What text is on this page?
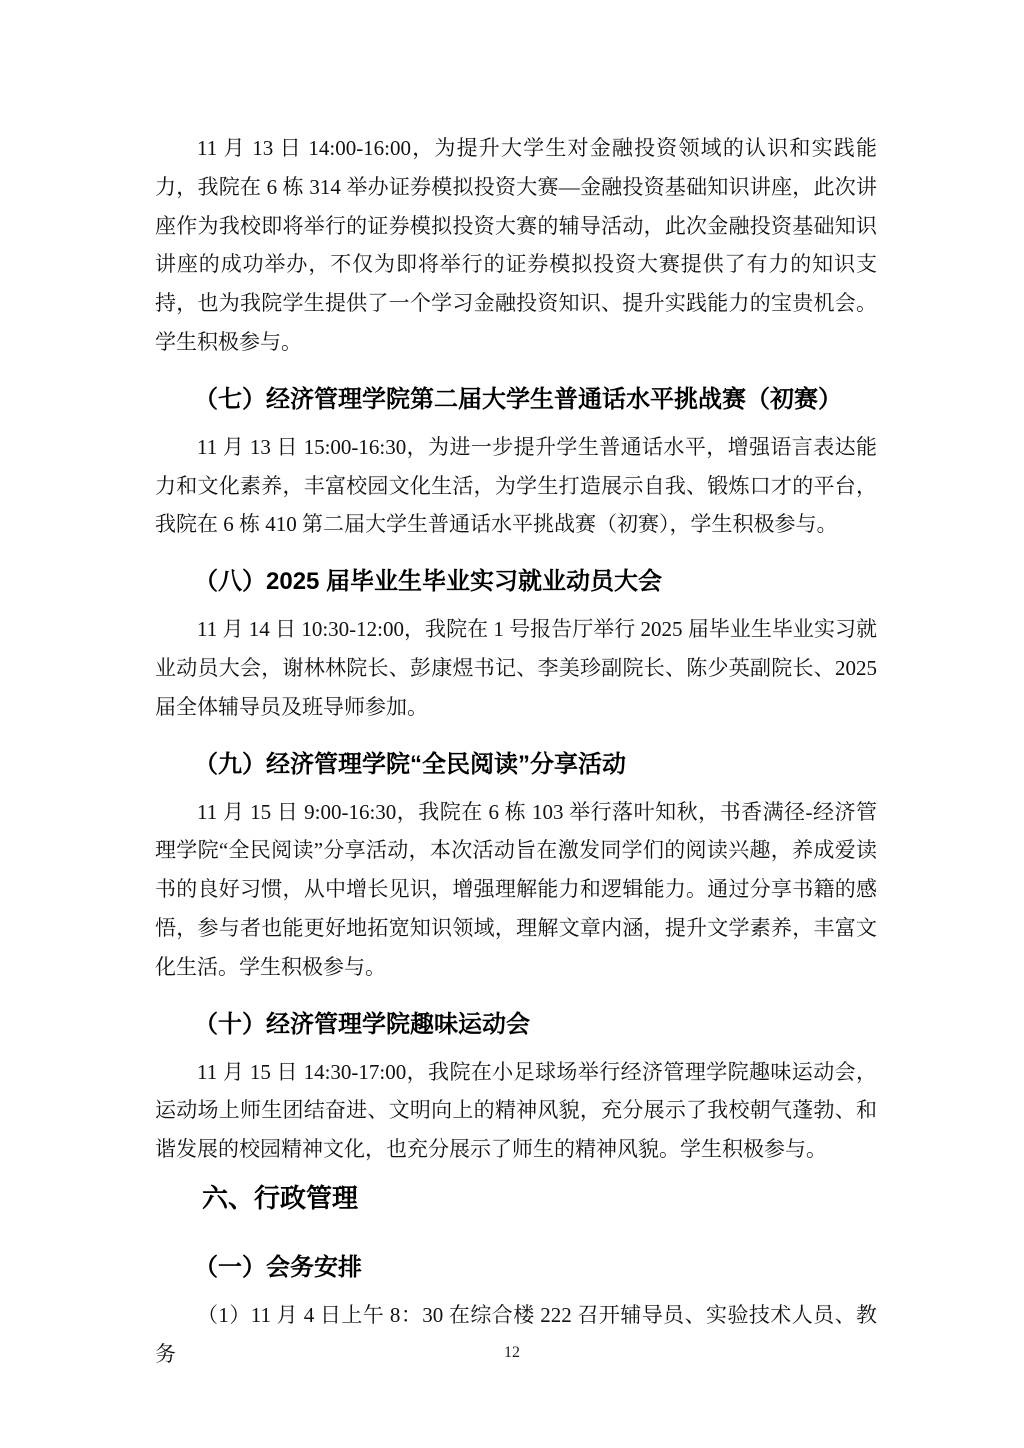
11 月 13 日 14:00-16:00，为提升大学生对金融投资领域的认识和实践能力，我院在 6 栋 314 举办证券模拟投资大赛—金融投资基础知识讲座，此次讲座作为我校即将举行的证券模拟投资大赛的辅导活动，此次金融投资基础知识讲座的成功举办，不仅为即将举行的证券模拟投资大赛提供了有力的知识支持，也为我院学生提供了一个学习金融投资知识、提升实践能力的宝贵机会。学生积极参与。

（七）经济管理学院第二届大学生普通话水平挑战赛（初赛）

11 月 13 日 15:00-16:30，为进一步提升学生普通话水平，增强语言表达能力和文化素养，丰富校园文化生活，为学生打造展示自我、锻炼口才的平台，我院在 6 栋 410 第二届大学生普通话水平挑战赛（初赛），学生积极参与。

（八）2025 届毕业生毕业实习就业动员大会

11 月 14 日 10:30-12:00，我院在 1 号报告厅举行 2025 届毕业生毕业实习就业动员大会，谢林林院长、彭康煜书记、李美珍副院长、陈少英副院长、2025 届全体辅导员及班导师参加。

（九）经济管理学院“全民阅读”分享活动

11 月 15 日 9:00-16:30，我院在 6 栋 103 举行落叶知秋，书香满径-经济管理学院“全民阅读”分享活动，本次活动旨在激发同学们的阅读兴趣，养成爱读书的良好习惯，从中增长见识，增强理解能力和逻辑能力。通过分享书籍的感悟，参与者也能更好地拓宽知识领域，理解文章内涵，提升文学素养，丰富文化生活。学生积极参与。

（十）经济管理学院趣味运动会

11 月 15 日 14:30-17:00，我院在小足球场举行经济管理学院趣味运动会，运动场上师生团结奋进、文明向上的精神风貌，充分展示了我校朝气蓬勃、和谐发展的校园精神文化，也充分展示了师生的精神风貌。学生积极参与。

六、行政管理
（一）会务安排

（1）11 月 4 日上午 8：30 在综合楼 222 召开辅导员、实验技术人员、教务	12
